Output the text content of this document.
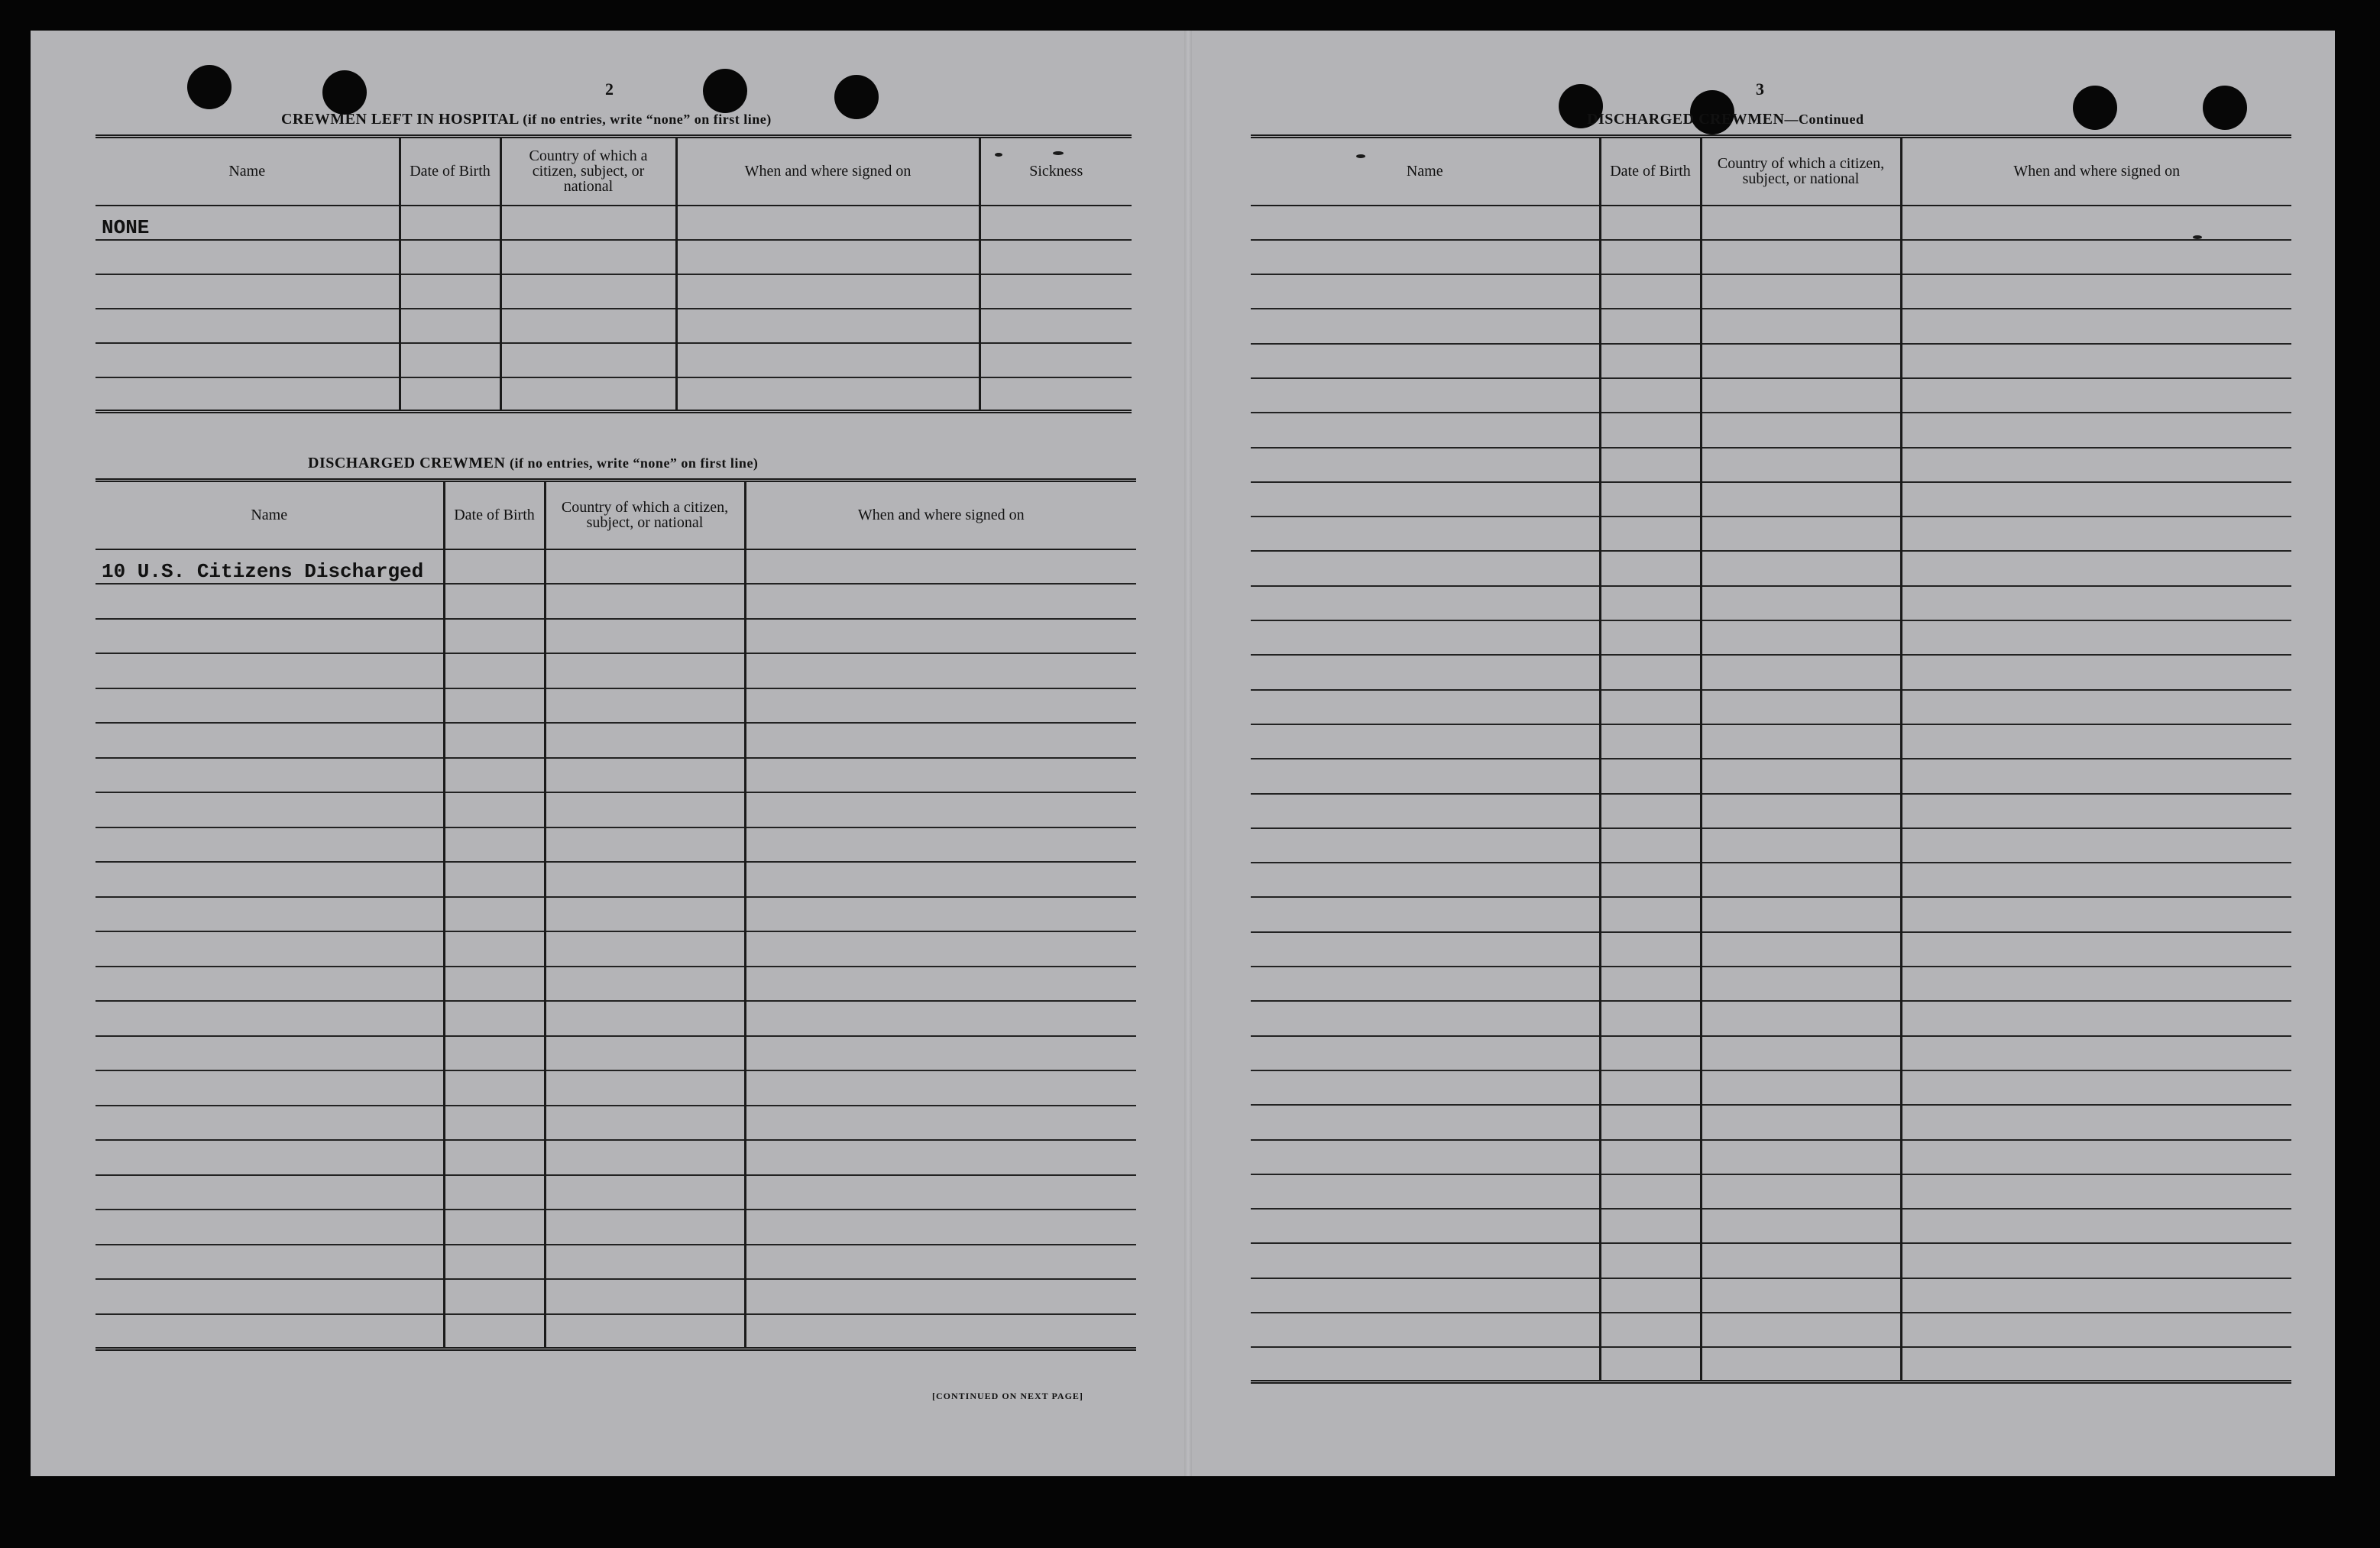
2
CREWMEN LEFT IN HOSPITAL (if no entries, write “none” on first line)
Name	Date of Birth	Country of which a citizen, subject, or national	When and where signed on	Sickness
NONE				

DISCHARGED CREWMEN (if no entries, write “none” on first line)
Name	Date of Birth	Country of which a citizen, subject, or national	When and where signed on
10 U.S. Citizens Discharged			

[CONTINUED ON NEXT PAGE]
3
DISCHARGED CREWMEN—Continued
Name	Date of Birth	Country of which a citizen, subject, or national	When and where signed on
